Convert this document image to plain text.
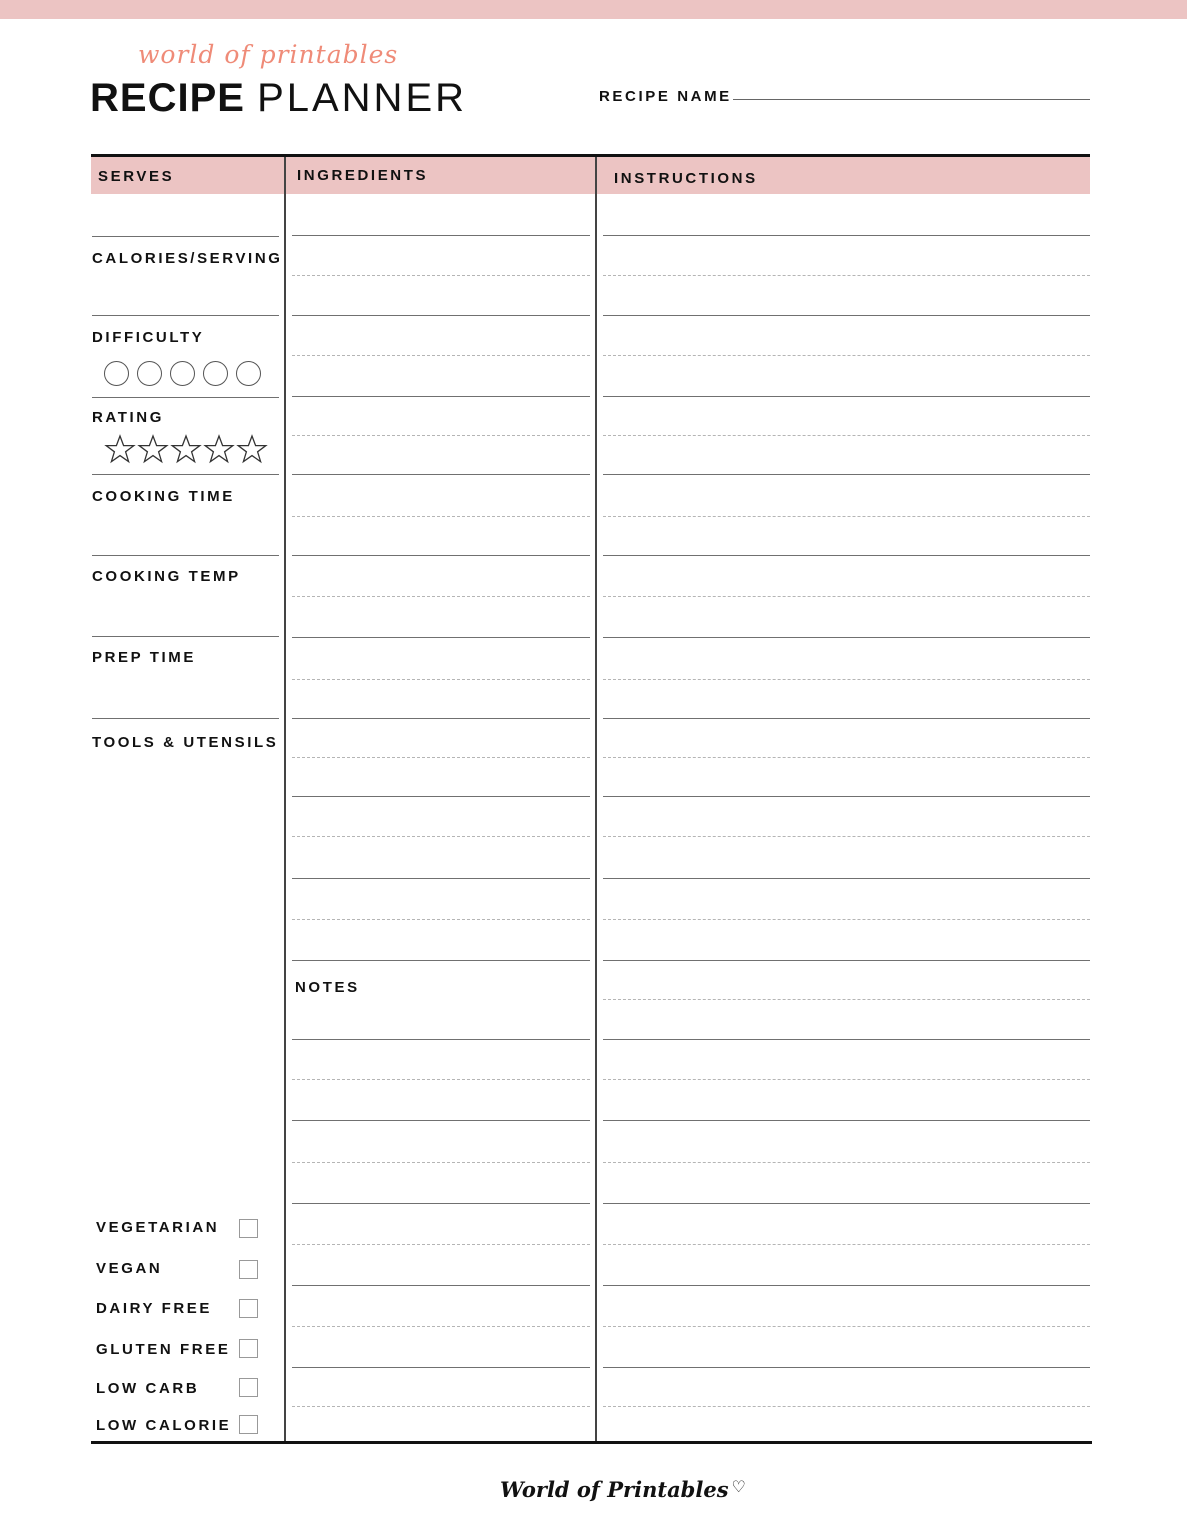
world of printables
RECIPE PLANNER	RECIPE NAME
SERVES	INGREDIENTS	INSTRUCTIONS
CALORIES/SERVING
DIFFICULTY
RATING
COOKING TIME
COOKING TEMP
PREP TIME
TOOLS & UTENSILS
NOTES
VEGETARIAN
VEGAN
DAIRY FREE
GLUTEN FREE
LOW CARB
LOW CALORIE
World of Printables ♡
